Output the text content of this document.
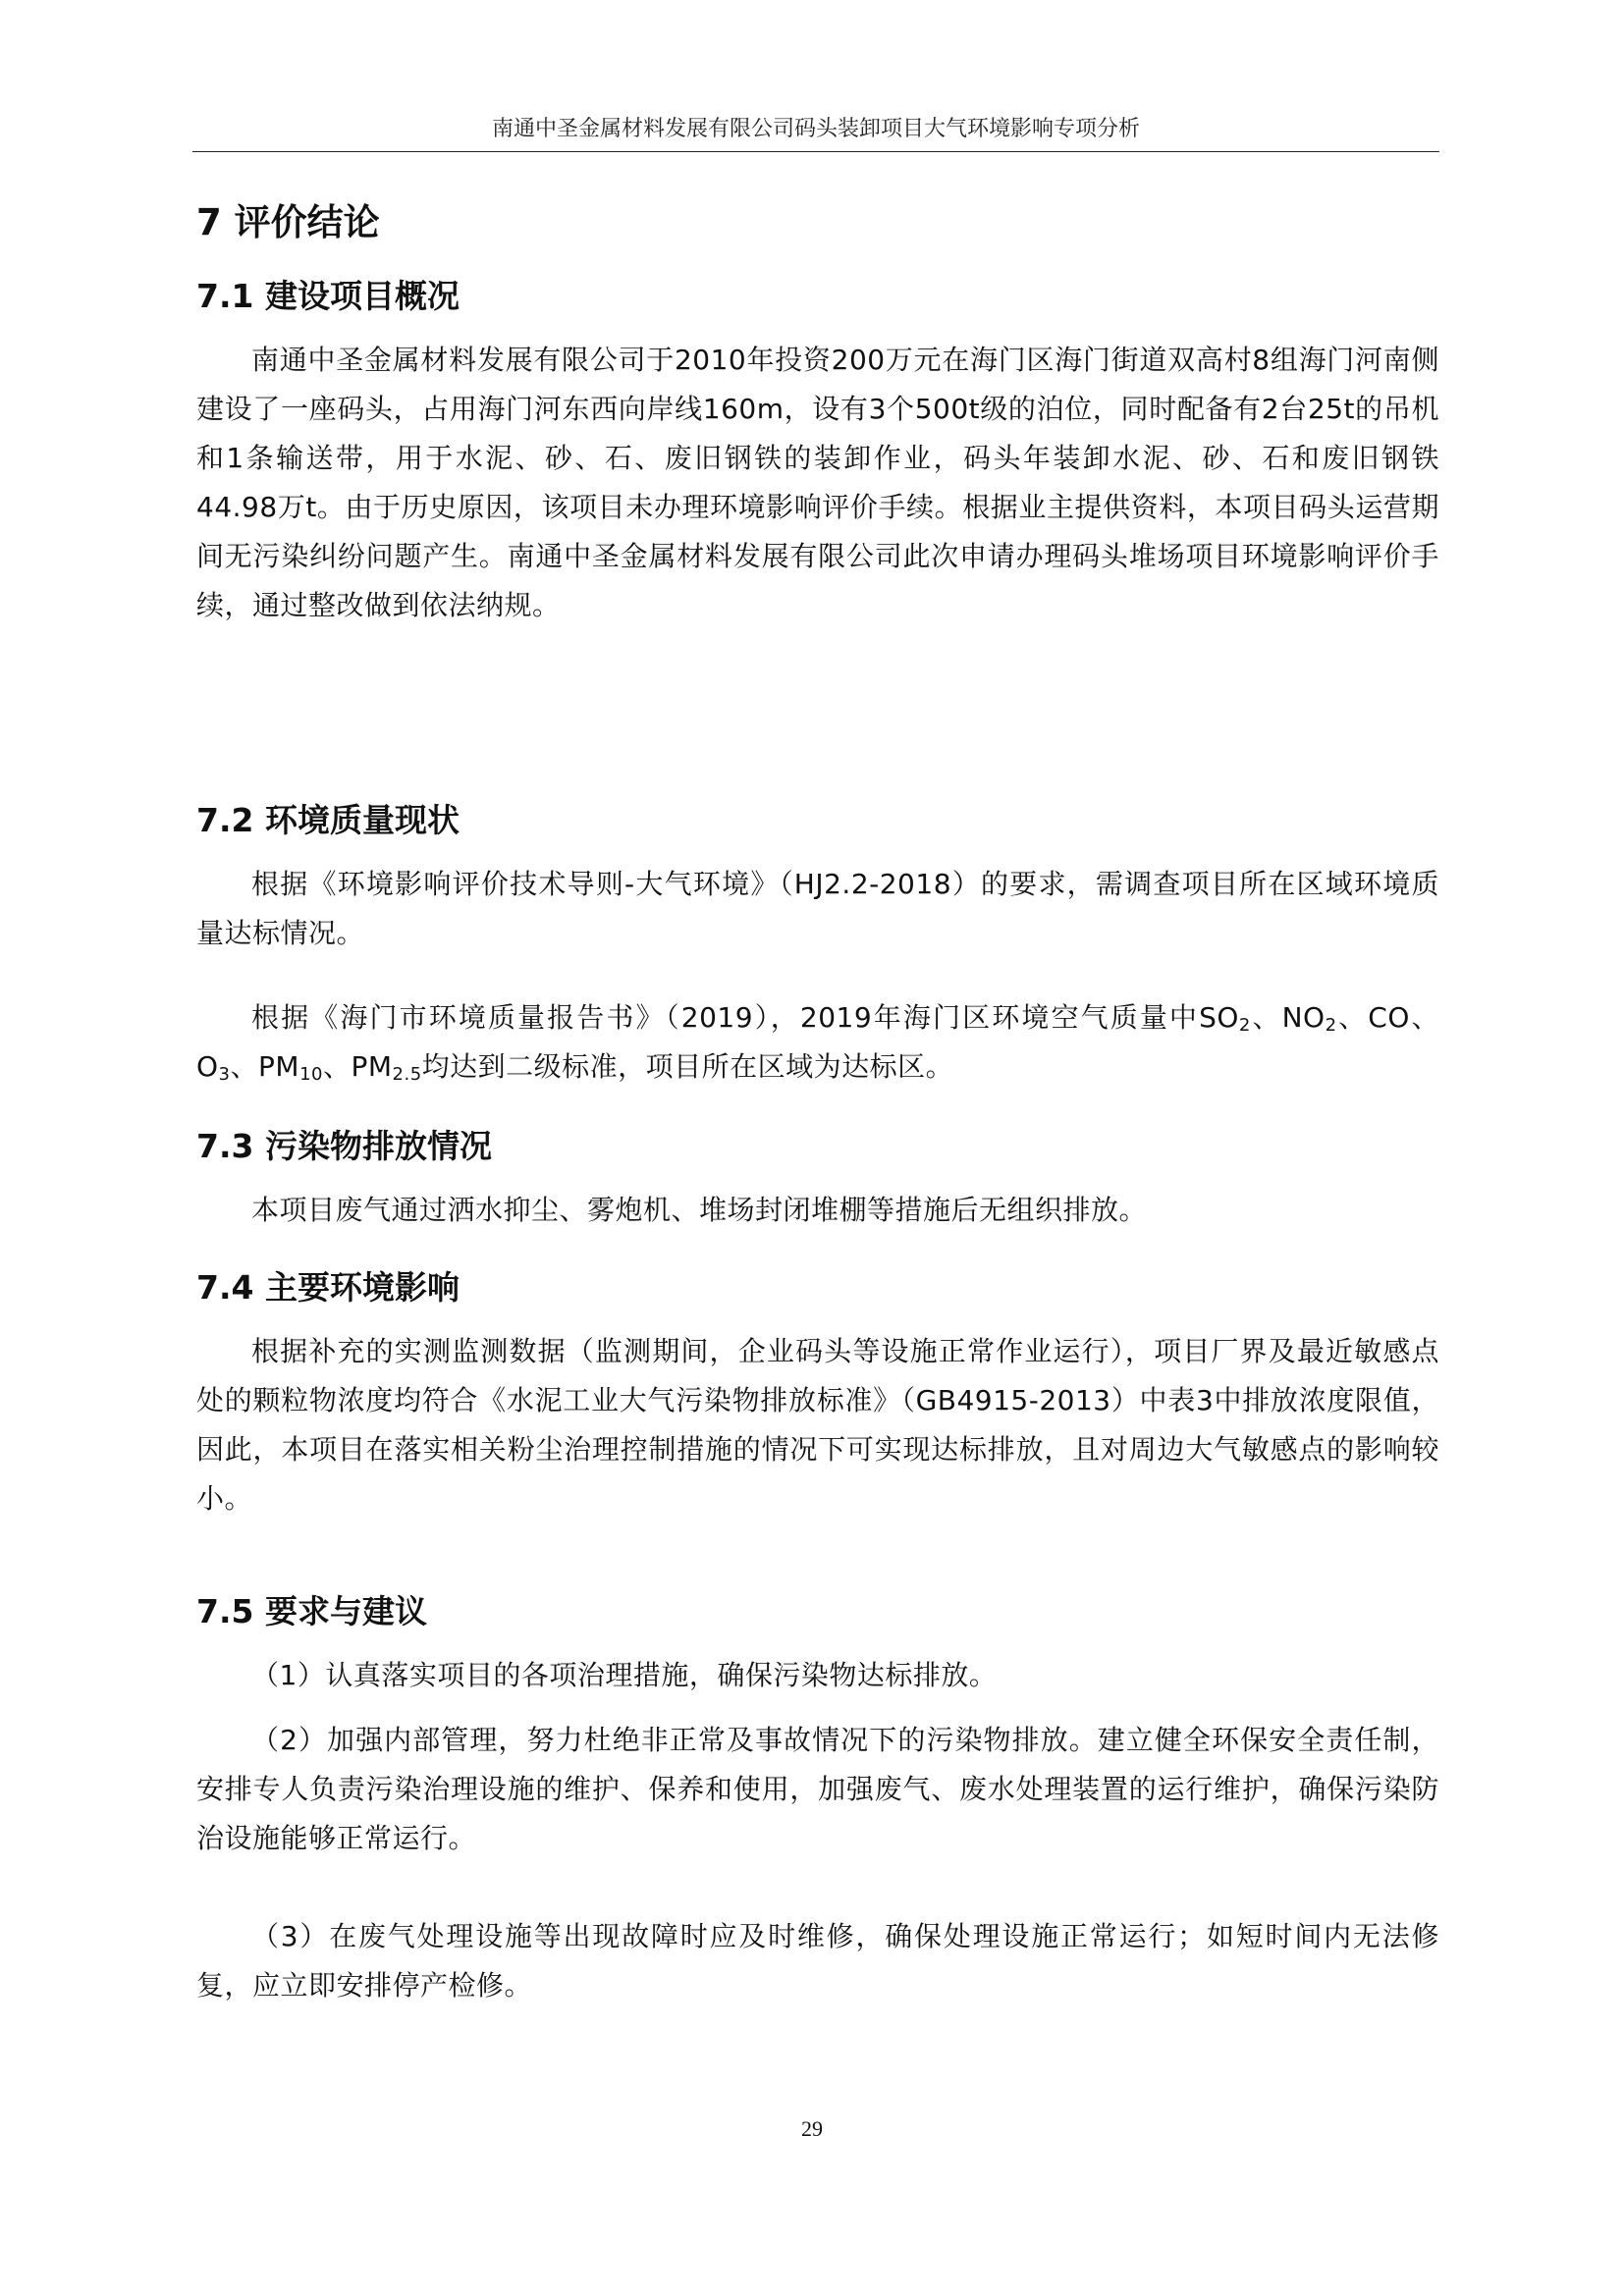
南通中圣金属材料发展有限公司码头装卸项目大气环境影响专项分析
7 评价结论
7.1 建设项目概况
南通中圣金属材料发展有限公司于2010年投资200万元在海门区海门街道双高村8组海门河南侧建设了一座码头，占用海门河东西向岸线160m，设有3个500t级的泊位，同时配备有2台25t的吊机和1条输送带，用于水泥、砂、石、废旧钢铁的装卸作业，码头年装卸水泥、砂、石和废旧钢铁44.98万t。由于历史原因，该项目未办理环境影响评价手续。根据业主提供资料，本项目码头运营期间无污染纠纷问题产生。南通中圣金属材料发展有限公司此次申请办理码头堆场项目环境影响评价手续，通过整改做到依法纳规。
7.2 环境质量现状
根据《环境影响评价技术导则-大气环境》（HJ2.2-2018）的要求，需调查项目所在区域环境质量达标情况。
根据《海门市环境质量报告书》（2019），2019年海门区环境空气质量中$SO_2$、$NO_2$、CO、$O_3$、$PM_{10}$、$PM_{2.5}$均达到二级标准，项目所在区域为达标区。
7.3 污染物排放情况
本项目废气通过洒水抑尘、雾炮机、堆场封闭堆棚等措施后无组织排放。
7.4 主要环境影响
根据补充的实测监测数据（监测期间，企业码头等设施正常作业运行），项目厂界及最近敏感点处的颗粒物浓度均符合《水泥工业大气污染物排放标准》（GB4915-2013）中表3中排放浓度限值，因此，本项目在落实相关粉尘治理控制措施的情况下可实现达标排放，且对周边大气敏感点的影响较小。
7.5 要求与建议
（1）认真落实项目的各项治理措施，确保污染物达标排放。
（2）加强内部管理，努力杜绝非正常及事故情况下的污染物排放。建立健全环保安全责任制，安排专人负责污染治理设施的维护、保养和使用，加强废气、废水处理装置的运行维护，确保污染防治设施能够正常运行。
（3）在废气处理设施等出现故障时应及时维修，确保处理设施正常运行；如短时间内无法修复，应立即安排停产检修。
29
